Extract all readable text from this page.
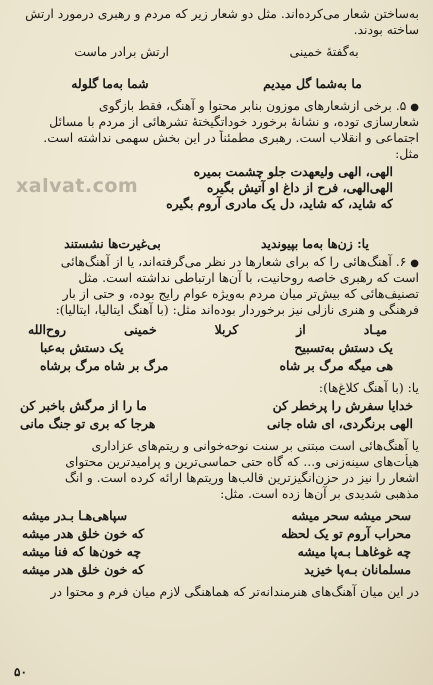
به‌ساختن شعار می‌کرده‌اند. مثل دو شعار زیر که مردم و رهبری درمورد ارتش
ساخته بودند.
به‌گفتهٔ خمینی
ارتش برادر ماست
ما به‌شما گل میدیم
شما به‌ما گلوله
● ۵. برخی ازشعارهای موزون بنابر محتوا و آهنگ، فقط بازگوی
شعارسازی توده، و نشانهٔ برخورد خوداتگیختهٔ تشرهائی از مردم با مسائل
اجتماعی و انقلاب است. رهبری مطمئناً در این بخش سهمی نداشته است.
مثل:
xalvat.com
الهی، الهی ولیعهدت جلو چشمت بمیره
الهی‌الهی، فرح از داغ او آتیش بگیره
که شاید، که شاید، دل یک مادری آروم بگیره
یا: زن‌ها به‌ما بپیوندید
بی‌غیرت‌ها نشستند
● ۶. آهنگ‌هائی را که برای شعارها در نظر می‌گرفته‌اند، یا از آهنگ‌هائی
است که رهبری خاصه روحانیت، با آن‌ها ارتباطی نداشته است. مثل
تصنیف‌هائی که بیش‌تر میان مردم به‌ویژه عوام رایج بوده، و حتی از بار
فرهنگی و هنری نازلی نیز برخوردار بوده‌اند مثل: (با آهنگ ایتالیا، ایتالیا):
میـاد
از
کربلا
خمینی
روح‌الله
یک دستش به‌تسبیح
یک دستش به‌عبا
هی میگه مرگ بر شاه
مرگ بر شاه مرگ برشاه
یا: (با آهنگ کلاغ‌ها):
خدایا سفرش را پرخطر کن
ما را از مرگش باخبر کن
الهی برنگردی، ای شاه جانی
هرجا که بری تو جنگ مانی
یا آهنگ‌هائی است مبتنی بر سنت نوحه‌خوانی و ریتم‌های عزاداری
هیأت‌های سینه‌زنی و... که گاه حتی حماسی‌ترین و پرامیدترین محتوای
اشعار را نیز در حزن‌انگیزترین قالب‌ها وریتم‌ها ارائه کرده است. و انگ
مذهبی شدیدی بر آن‌ها زده است. مثل:
سحر میشه سحر میشه
سپاهی‌هـا بـدر میشه
محراب آروم تو یک لحظه
که خون خلق هدر میشه
چه غوغاهـا بـه‌پا میشه
چه خون‌ها که فنا میشه
مسلمانان بـه‌پا خیزید
که خون خلق هدر میشه
در این میان آهنگ‌های هنرمندانه‌تر که هماهنگی لازم میان فرم و محتوا در
۵۰
